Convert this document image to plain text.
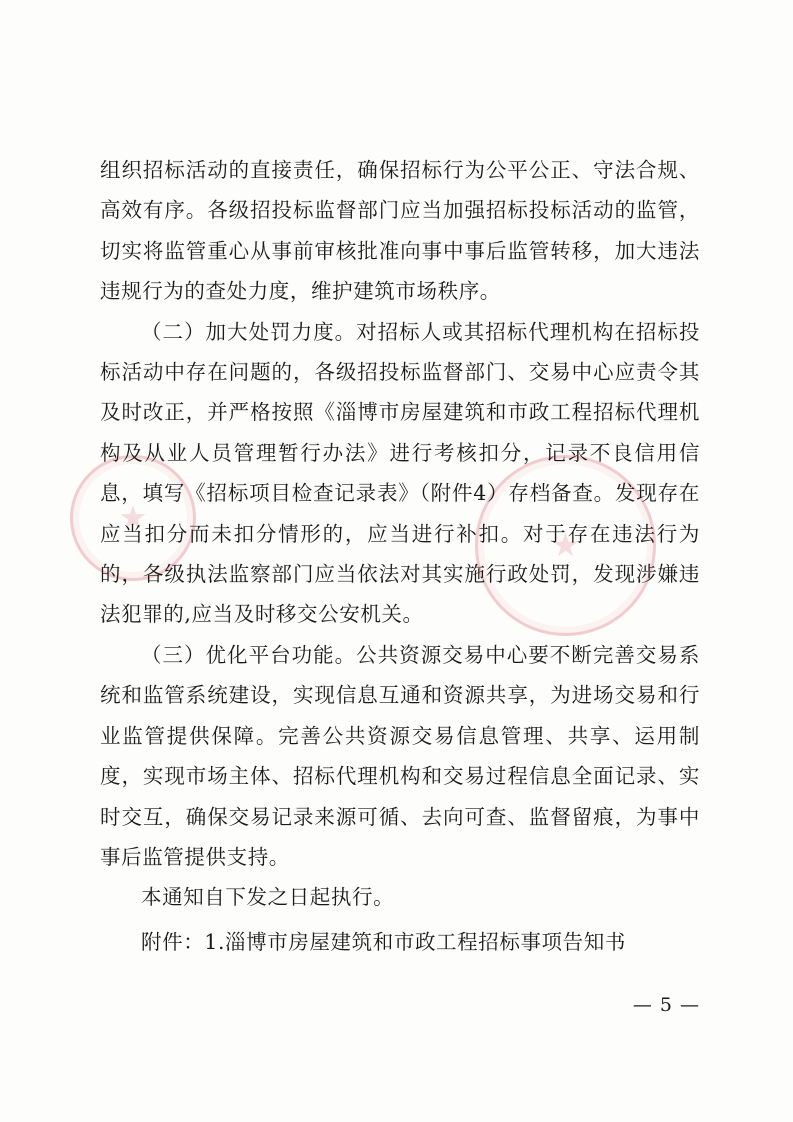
组织招标活动的直接责任，确保招标行为公平公正、守法合规、高效有序。各级招投标监督部门应当加强招标投标活动的监管，切实将监管重心从事前审核批准向事中事后监管转移，加大违法违规行为的查处力度，维护建筑市场秩序。

（二）加大处罚力度。对招标人或其招标代理机构在招标投标活动中存在问题的，各级招投标监督部门、交易中心应责令其及时改正，并严格按照《淄博市房屋建筑和市政工程招标代理机构及从业人员管理暂行办法》进行考核扣分，记录不良信用信息，填写《招标项目检查记录表》（附件4）存档备查。发现存在应当扣分而未扣分情形的，应当进行补扣。对于存在违法行为的，各级执法监察部门应当依法对其实施行政处罚，发现涉嫌违法犯罪的,应当及时移交公安机关。

（三）优化平台功能。公共资源交易中心要不断完善交易系统和监管系统建设，实现信息互通和资源共享，为进场交易和行业监管提供保障。完善公共资源交易信息管理、共享、运用制度，实现市场主体、招标代理机构和交易过程信息全面记录、实时交互，确保交易记录来源可循、去向可查、监督留痕，为事中事后监管提供支持。

本通知自下发之日起执行。

附件：1.淄博市房屋建筑和市政工程招标事项告知书
— 5 —
